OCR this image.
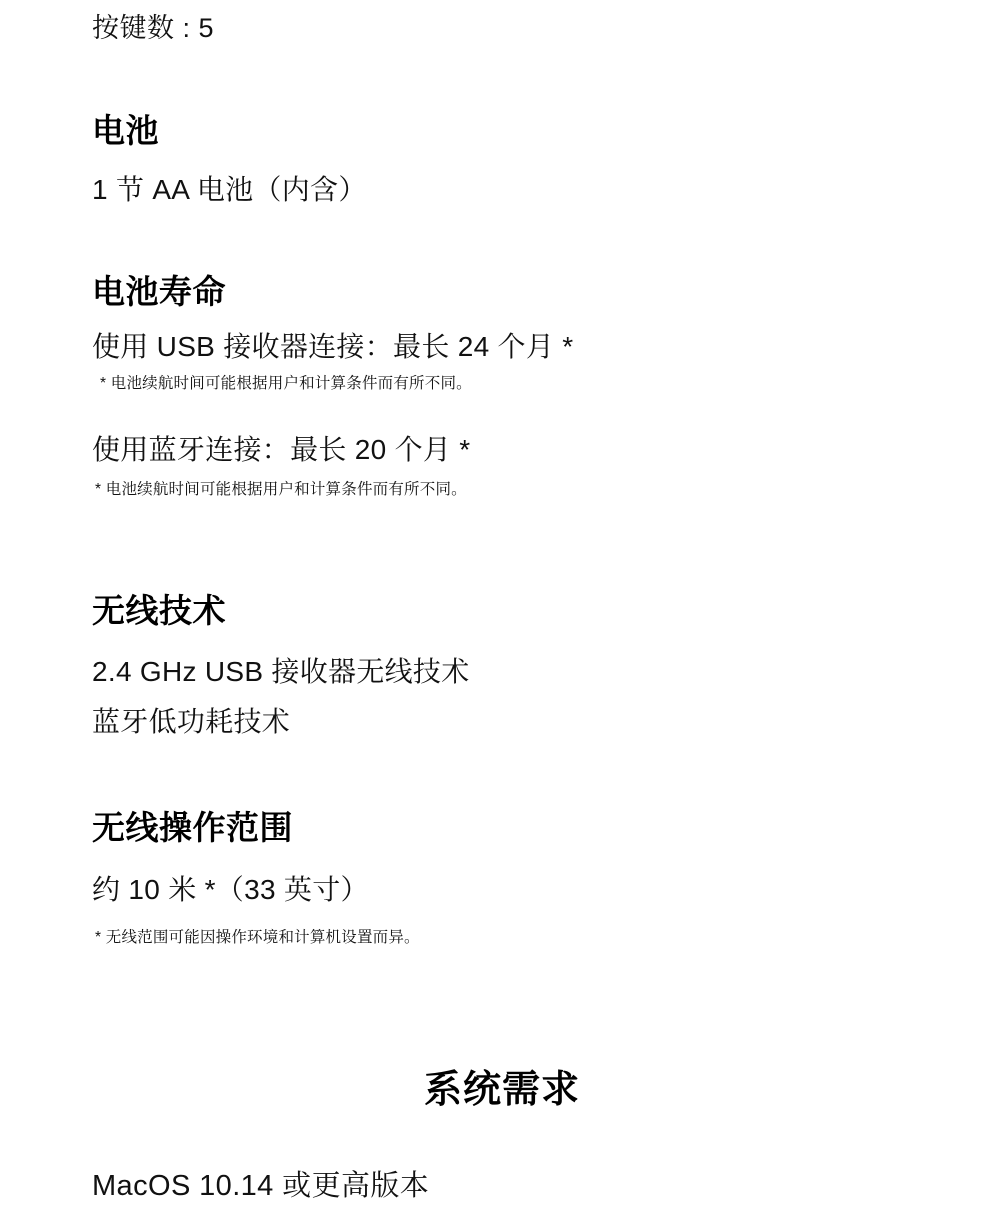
按键数 : 5
电池
1 节 AA 电池（内含）
电池寿命
使用 USB 接收器连接：最长 24 个月 *
* 电池续航时间可能根据用户和计算条件而有所不同。
使用蓝牙连接：最长 20 个月 *
* 电池续航时间可能根据用户和计算条件而有所不同。
无线技术
2.4 GHz USB 接收器无线技术
蓝牙低功耗技术
无线操作范围
约 10 米 *（33 英寸）
* 无线范围可能因操作环境和计算机设置而异。
系统需求
MacOS 10.14 或更高版本
